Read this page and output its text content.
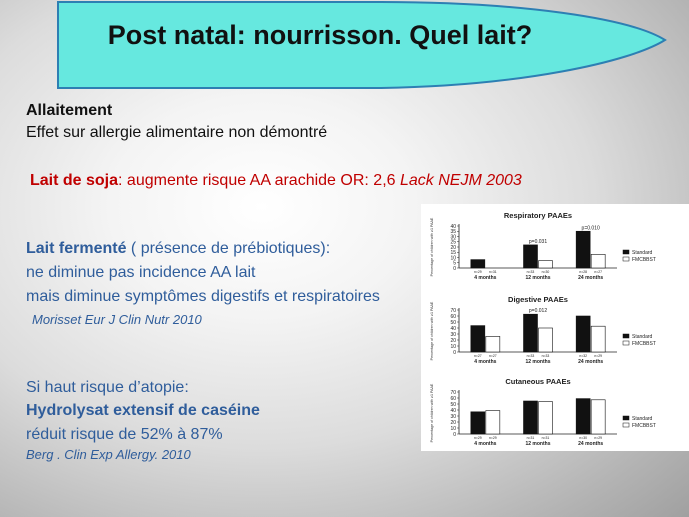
Post natal: nourrisson. Quel lait?
Allaitement
Effet sur allergie alimentaire non démontré
Lait de soja: augmente risque AA arachide OR: 2,6 Lack NEJM 2003
Lait fermenté ( présence de prébiotiques):
ne diminue pas incidence AA lait
mais diminue symptômes digestifs et respiratoires
Morisset Eur J Clin Nutr 2010
Si haut risque d’atopie:
Hydrolysat extensif de caséine
réduit risque de 52% à 87%
Berg . Clin Exp Allergy. 2010
Respiratory PAAEs
Percentage of children with ≥1 PAAE	0
5
10
15
20
25
30
35
40
n=29 n=31
4 months
n=33 n=30
12 months
p=0.031
n=28 n=27
24 months
p=0.010
Standard
FMCBBST
Digestive PAAEs
Percentage of children with ≥1 PAAE	0
10
20
30
40
50
60
70
n=27 n=27
4 months
n=33 n=33
12 months
p=0.012
n=32 n=29
24 months
Standard
FMCBBST
Cutaneous PAAEs
Percentage of children with ≥1 PAAE	0
10
20
30
40
50
60
70
n=29 n=29
4 months
n=31 n=31
12 months
n=30 n=29
24 months
Standard
FMCBBST
